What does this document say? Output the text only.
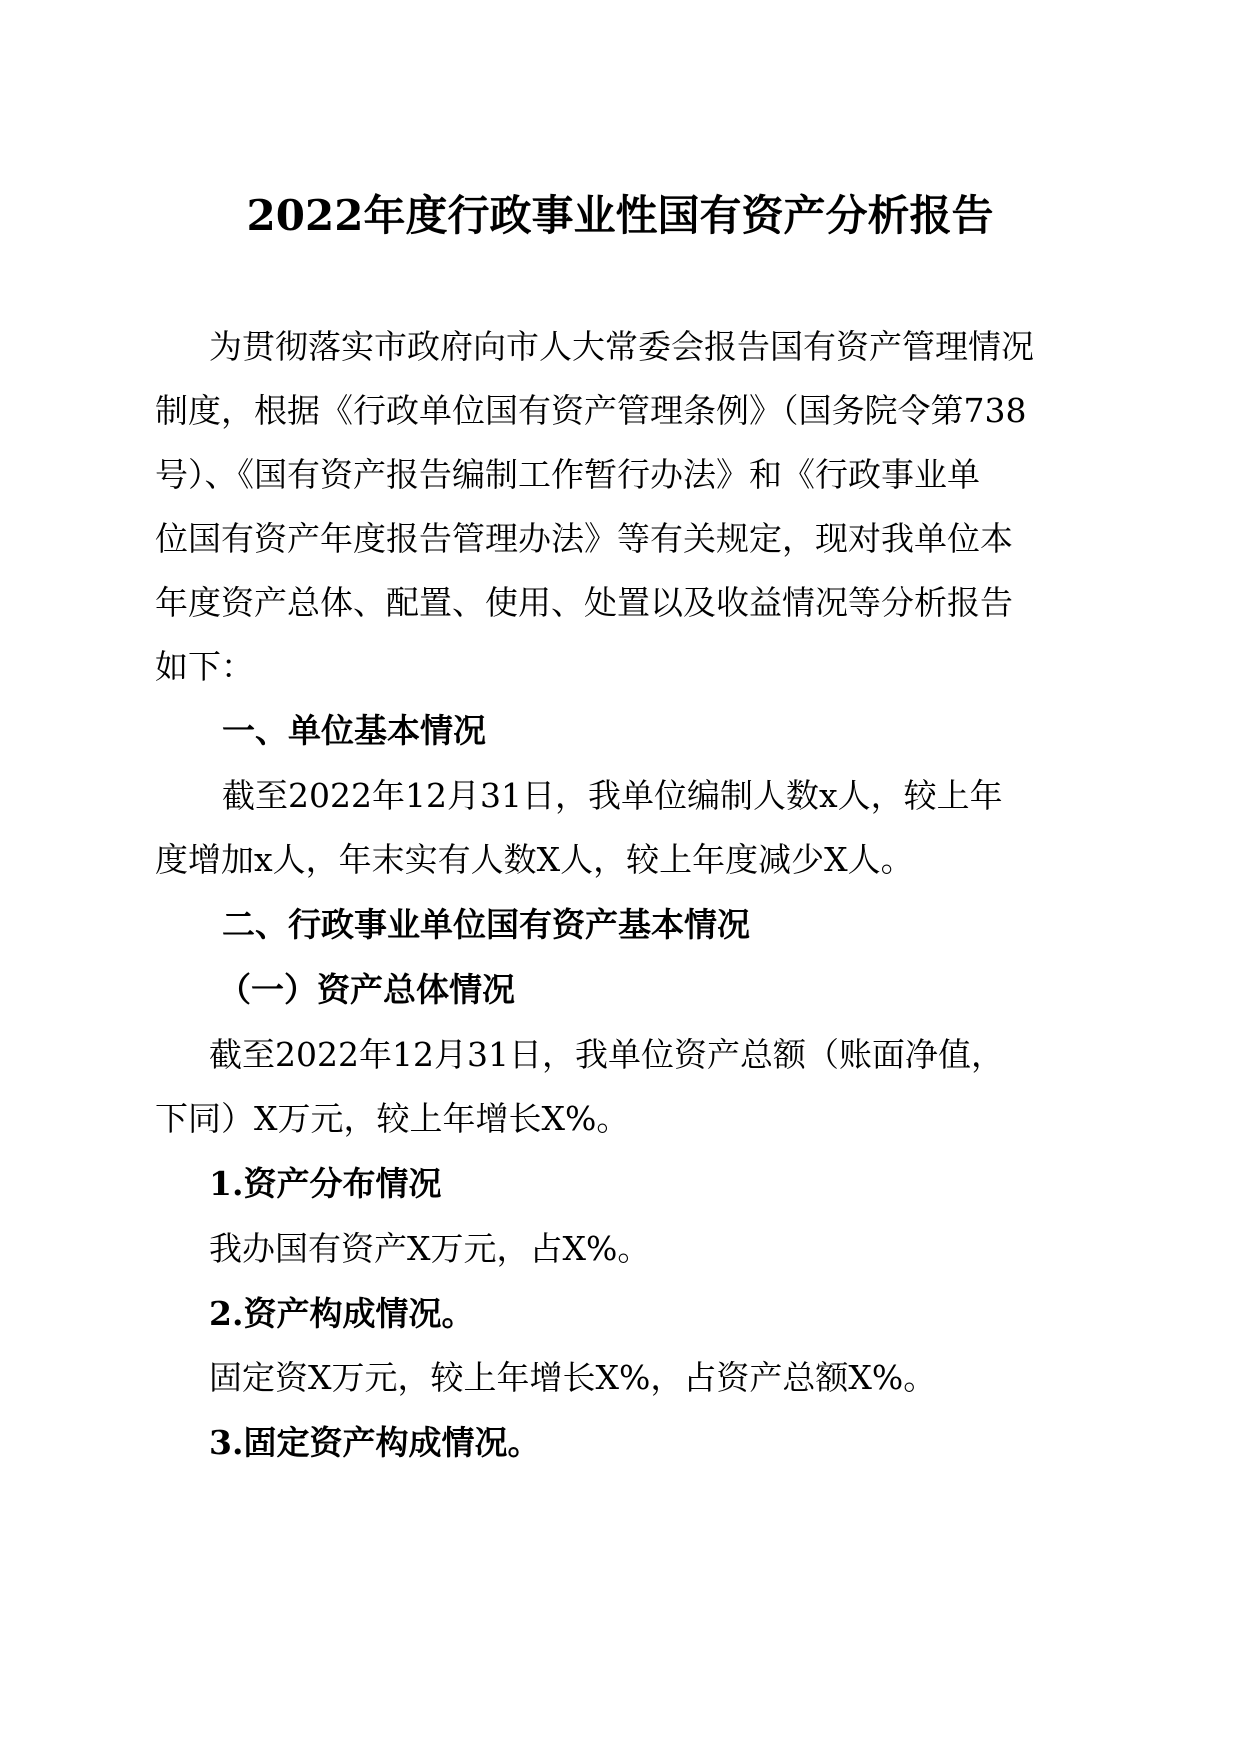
2022年度行政事业性国有资产分析报告
为贯彻落实市政府向市人大常委会报告国有资产管理情况
制度，根据《行政单位国有资产管理条例》（国务院令第738
号）、《国有资产报告编制工作暂行办法》和《行政事业单
位国有资产年度报告管理办法》等有关规定，现对我单位本
年度资产总体、配置、使用、处置以及收益情况等分析报告
如下：
一、单位基本情况
截至2022年12月31日，我单位编制人数x人，较上年
度增加x人，年末实有人数X人，较上年度减少X人。
二、行政事业单位国有资产基本情况
（一）资产总体情况
截至2022年12月31日，我单位资产总额（账面净值，
下同）X万元，较上年增长X%。
1.资产分布情况
我办国有资产X万元，占X%。
2.资产构成情况。
固定资X万元，较上年增长X%，占资产总额X%。
3.固定资产构成情况。
